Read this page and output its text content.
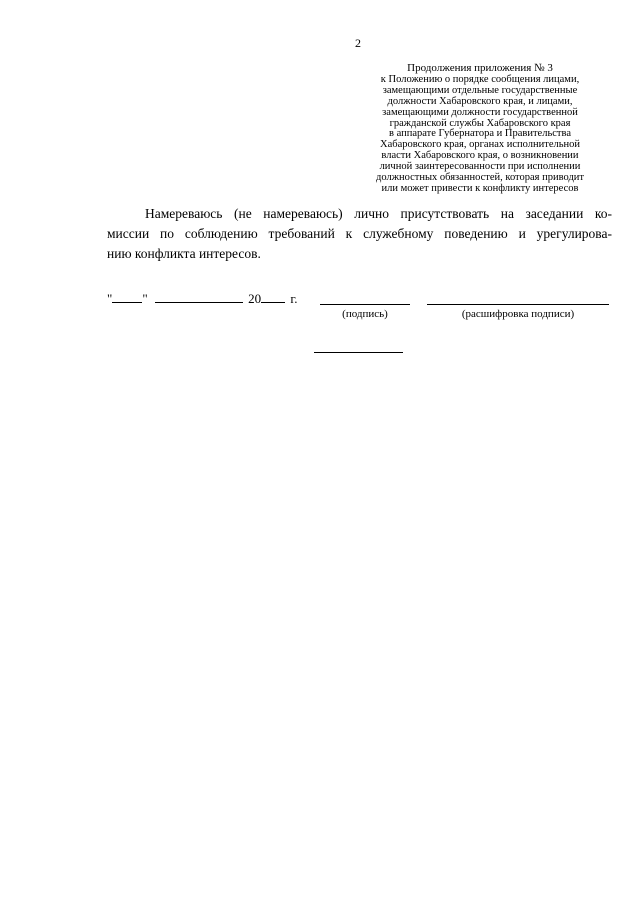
2
Продолжения приложения № 3
к Положению о порядке сообщения лицами,
замещающими отдельные государственные
должности Хабаровского края, и лицами,
замещающими должности государственной
гражданской службы Хабаровского края
в аппарате Губернатора и Правительства
Хабаровского края, органах исполнительной
власти Хабаровского края, о возникновении
личной заинтересованности при исполнении
должностных обязанностей, которая приводит
или может привести к конфликту интересов
Намереваюсь (не намереваюсь) лично присутствовать на заседании ко-
миссии по соблюдению требований к служебному поведению и урегулирова-
нию конфликта интересов.
" "	20 г.
(подпись)	(расшифровка подписи)
